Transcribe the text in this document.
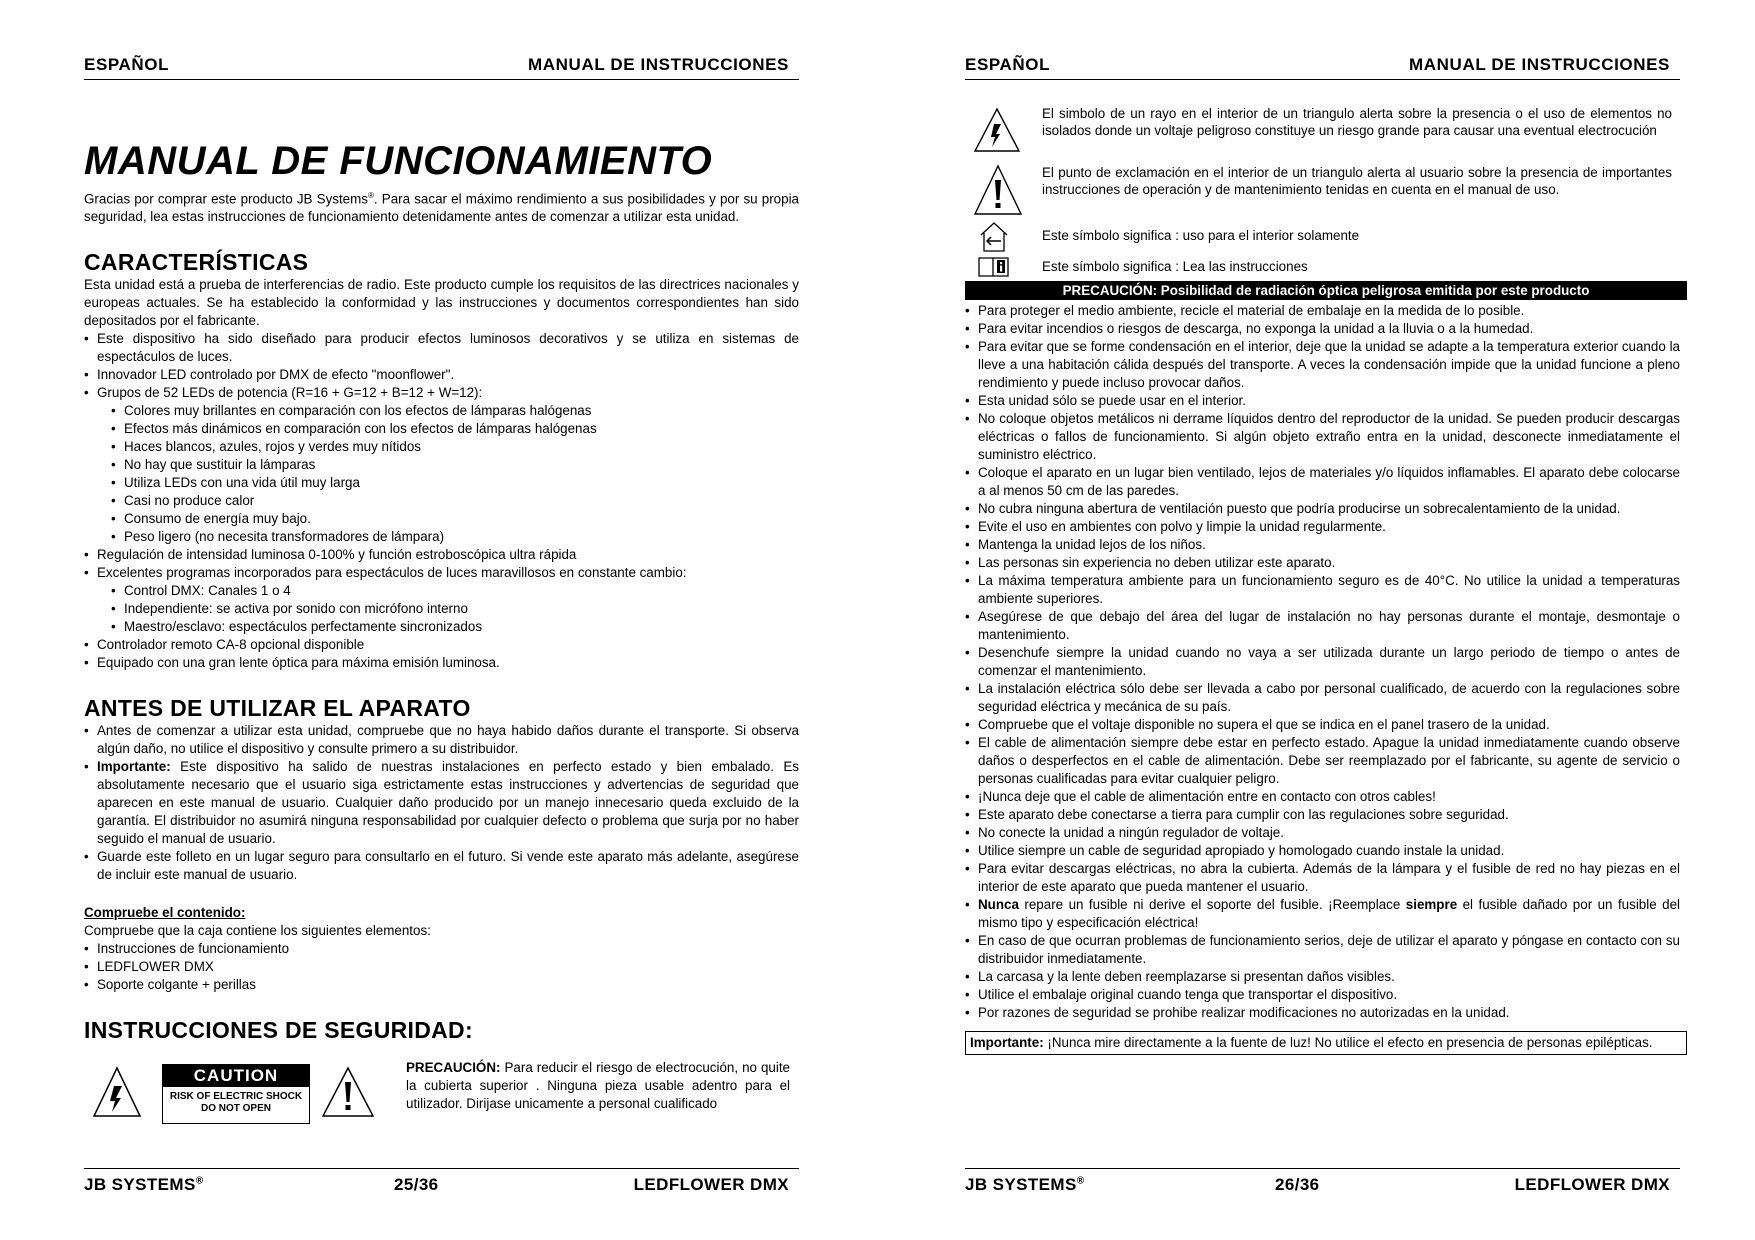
ESPAÑOL	MANUAL DE INSTRUCCIONES
MANUAL DE FUNCIONAMIENTO

Gracias por comprar este producto JB Systems®. Para sacar el máximo rendimiento a sus posibilidades y por su propia seguridad, lea estas instrucciones de funcionamiento detenidamente antes de comenzar a utilizar esta unidad.

CARACTERÍSTICAS

Esta unidad está a prueba de interferencias de radio. Este producto cumple los requisitos de las directrices nacionales y europeas actuales. Se ha establecido la conformidad y las instrucciones y documentos correspondientes han sido depositados por el fabricante.

• Este dispositivo ha sido diseñado para producir efectos luminosos decorativos y se utiliza en sistemas de espectáculos de luces.
• Innovador LED controlado por DMX de efecto "moonflower".
• Grupos de 52 LEDs de potencia (R=16 + G=12 + B=12 + W=12):
• Colores muy brillantes en comparación con los efectos de lámparas halógenas
• Efectos más dinámicos en comparación con los efectos de lámparas halógenas
• Haces blancos, azules, rojos y verdes muy nítidos
• No hay que sustituir la lámparas
• Utiliza LEDs con una vida útil muy larga
• Casi no produce calor
• Consumo de energía muy bajo.
• Peso ligero (no necesita transformadores de lámpara)
• Regulación de intensidad luminosa 0-100% y función estroboscópica ultra rápida
• Excelentes programas incorporados para espectáculos de luces maravillosos en constante cambio:
• Control DMX: Canales 1 o 4
• Independiente: se activa por sonido con micrófono interno
• Maestro/esclavo: espectáculos perfectamente sincronizados
• Controlador remoto CA-8 opcional disponible
• Equipado con una gran lente óptica para máxima emisión luminosa.
ANTES DE UTILIZAR EL APARATO
• Antes de comenzar a utilizar esta unidad, compruebe que no haya habido daños durante el transporte. Si observa algún daño, no utilice el dispositivo y consulte primero a su distribuidor.
• Importante: Este dispositivo ha salido de nuestras instalaciones en perfecto estado y bien embalado. Es absolutamente necesario que el usuario siga estrictamente estas instrucciones y advertencias de seguridad que aparecen en este manual de usuario. Cualquier daño producido por un manejo innecesario queda excluido de la garantía. El distribuidor no asumirá ninguna responsabilidad por cualquier defecto o problema que surja por no haber seguido el manual de usuario.
• Guarde este folleto en un lugar seguro para consultarlo en el futuro. Si vende este aparato más adelante, asegúrese de incluir este manual de usuario.

Compruebe el contenido:

Compruebe que la caja contiene los siguientes elementos:

• Instrucciones de funcionamiento
• LEDFLOWER DMX
• Soporte colgante + perillas
INSTRUCCIONES DE SEGURIDAD:
CAUTION
RISK OF ELECTRIC SHOCK
DO NOT OPEN

PRECAUCIÓN: Para reducir el riesgo de electrocución, no quite la cubierta superior . Ninguna pieza usable adentro para el utilizador. Dirijase unicamente a personal cualificado

JB SYSTEMS®	25/36	LEDFLOWER DMX
ESPAÑOL	MANUAL DE INSTRUCCIONES
El simbolo de un rayo en el interior de un triangulo alerta sobre la presencia o el uso de elementos no isolados donde un voltaje peligroso constituye un riesgo grande para causar una eventual electrocución
El punto de exclamación en el interior de un triangulo alerta al usuario sobre la presencia de importantes instrucciones de operación y de mantenimiento tenidas en cuenta en el manual de uso.
Este símbolo significa : uso para el interior solamente
Este símbolo significa : Lea las instrucciones
PRECAUCIÓN: Posibilidad de radiación óptica peligrosa emitida por este producto
• Para proteger el medio ambiente, recicle el material de embalaje en la medida de lo posible.
• Para evitar incendios o riesgos de descarga, no exponga la unidad a la lluvia o a la humedad.
• Para evitar que se forme condensación en el interior, deje que la unidad se adapte a la temperatura exterior cuando la lleve a una habitación cálida después del transporte. A veces la condensación impide que la unidad funcione a pleno rendimiento y puede incluso provocar daños.
• Esta unidad sólo se puede usar en el interior.
• No coloque objetos metálicos ni derrame líquidos dentro del reproductor de la unidad. Se pueden producir descargas eléctricas o fallos de funcionamiento. Si algún objeto extraño entra en la unidad, desconecte inmediatamente el suministro eléctrico.
• Coloque el aparato en un lugar bien ventilado, lejos de materiales y/o líquidos inflamables. El aparato debe colocarse a al menos 50 cm de las paredes.
• No cubra ninguna abertura de ventilación puesto que podría producirse un sobrecalentamiento de la unidad.
• Evite el uso en ambientes con polvo y limpie la unidad regularmente.
• Mantenga la unidad lejos de los niños.
• Las personas sin experiencia no deben utilizar este aparato.
• La máxima temperatura ambiente para un funcionamiento seguro es de 40°C. No utilice la unidad a temperaturas ambiente superiores.
• Asegúrese de que debajo del área del lugar de instalación no hay personas durante el montaje, desmontaje o mantenimiento.
• Desenchufe siempre la unidad cuando no vaya a ser utilizada durante un largo periodo de tiempo o antes de comenzar el mantenimiento.
• La instalación eléctrica sólo debe ser llevada a cabo por personal cualificado, de acuerdo con la regulaciones sobre seguridad eléctrica y mecánica de su país.
• Compruebe que el voltaje disponible no supera el que se indica en el panel trasero de la unidad.
• El cable de alimentación siempre debe estar en perfecto estado. Apague la unidad inmediatamente cuando observe daños o desperfectos en el cable de alimentación. Debe ser reemplazado por el fabricante, su agente de servicio o personas cualificadas para evitar cualquier peligro.
• ¡Nunca deje que el cable de alimentación entre en contacto con otros cables!
• Este aparato debe conectarse a tierra para cumplir con las regulaciones sobre seguridad.
• No conecte la unidad a ningún regulador de voltaje.
• Utilice siempre un cable de seguridad apropiado y homologado cuando instale la unidad.
• Para evitar descargas eléctricas, no abra la cubierta. Además de la lámpara y el fusible de red no hay piezas en el interior de este aparato que pueda mantener el usuario.
• Nunca repare un fusible ni derive el soporte del fusible. ¡Reemplace siempre el fusible dañado por un fusible del mismo tipo y especificación eléctrica!
• En caso de que ocurran problemas de funcionamiento serios, deje de utilizar el aparato y póngase en contacto con su distribuidor inmediatamente.
• La carcasa y la lente deben reemplazarse si presentan daños visibles.
• Utilice el embalaje original cuando tenga que transportar el dispositivo.
• Por razones de seguridad se prohibe realizar modificaciones no autorizadas en la unidad.
Importante: ¡Nunca mire directamente a la fuente de luz! No utilice el efecto en presencia de personas epilépticas.
JB SYSTEMS®	26/36	LEDFLOWER DMX
